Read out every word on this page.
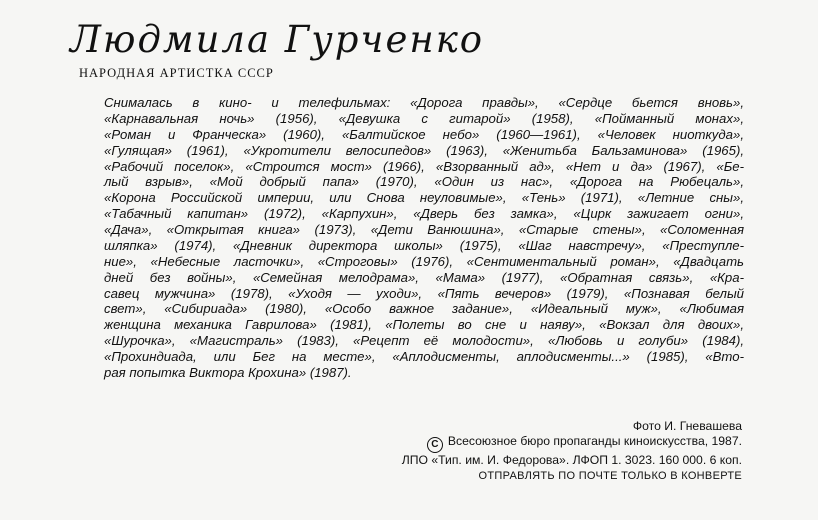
Людмила Гурченко
НАРОДНАЯ АРТИСТКА СССР
Снималась в кино- и телефильмах: «Дорога правды», «Сердце бьется вновь»,
«Карнавальная ночь» (1956), «Девушка с гитарой» (1958), «Пойманный монах»,
«Роман и Франческа» (1960), «Балтийское небо» (1960—1961), «Человек ниоткуда»,
«Гулящая» (1961), «Укротители велосипедов» (1963), «Женитьба Бальзаминова» (1965),
«Рабочий поселок», «Строится мост» (1966), «Взорванный ад», «Нет и да» (1967), «Бе-
лый взрыв», «Мой добрый папа» (1970), «Один из нас», «Дорога на Рюбецаль»,
«Корона Российской империи, или Снова неуловимые», «Тень» (1971), «Летние сны»,
«Табачный капитан» (1972), «Карпухин», «Дверь без замка», «Цирк зажигает огни»,
«Дача», «Открытая книга» (1973), «Дети Ванюшина», «Старые стены», «Соломенная
шляпка» (1974), «Дневник директора школы» (1975), «Шаг навстречу», «Преступле-
ние», «Небесные ласточки», «Строговы» (1976), «Сентиментальный роман», «Двадцать
дней без войны», «Семейная мелодрама», «Мама» (1977), «Обратная связь», «Кра-
савец мужчина» (1978), «Уходя — уходи», «Пять вечеров» (1979), «Познавая белый
свет», «Сибириада» (1980), «Особо важное задание», «Идеальный муж», «Любимая
женщина механика Гаврилова» (1981), «Полеты во сне и наяву», «Вокзал для двоих»,
«Шурочка», «Магистраль» (1983), «Рецепт её молодости», «Любовь и голуби» (1984),
«Прохиндиада, или Бег на месте», «Аплодисменты, аплодисменты...» (1985), «Вто-
рая попытка Виктора Крохина» (1987).
Фото И. Гневашева
C Всесоюзное бюро пропаганды киноискусства, 1987.
ЛПО «Тип. им. И. Федорова». ЛФОП 1. 3023. 160 000. 6 коп.
ОТПРАВЛЯТЬ ПО ПОЧТЕ ТОЛЬКО В КОНВЕРТЕ
